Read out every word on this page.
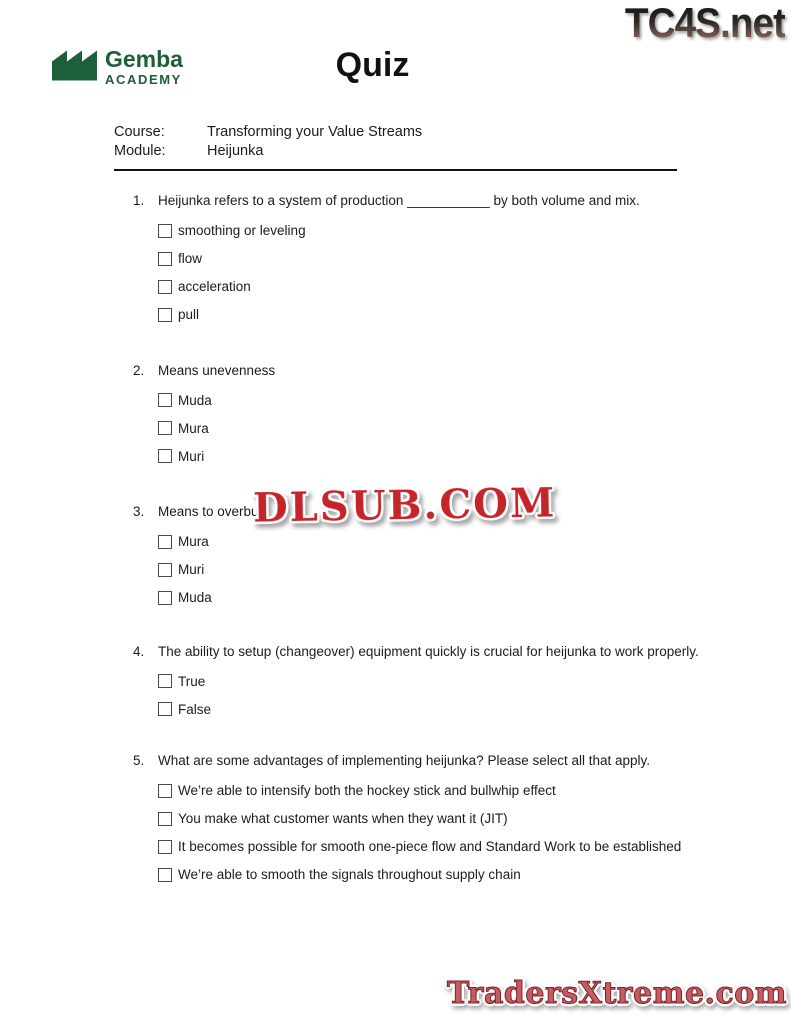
TC4S.net
Gemba
ACADEMY	Quiz
Course:	Transforming your Value Streams
Module:	Heijunka
1.	Heijunka refers to a system of production ___________ by both volume and mix.
smoothing or leveling
flow
acceleration
pull
2.	Means unevenness
Muda
Mura
Muri
3.	Means to overbu
Mura
Muri
Muda
4.	The ability to setup (changeover) equipment quickly is crucial for heijunka to work properly.
True
False
5.	What are some advantages of implementing heijunka? Please select all that apply.
We’re able to intensify both the hockey stick and bullwhip effect
You make what customer wants when they want it (JIT)
It becomes possible for smooth one-piece flow and Standard Work to be established
We’re able to smooth the signals throughout supply chain
DLSUB.COM
TradersXtreme.com
